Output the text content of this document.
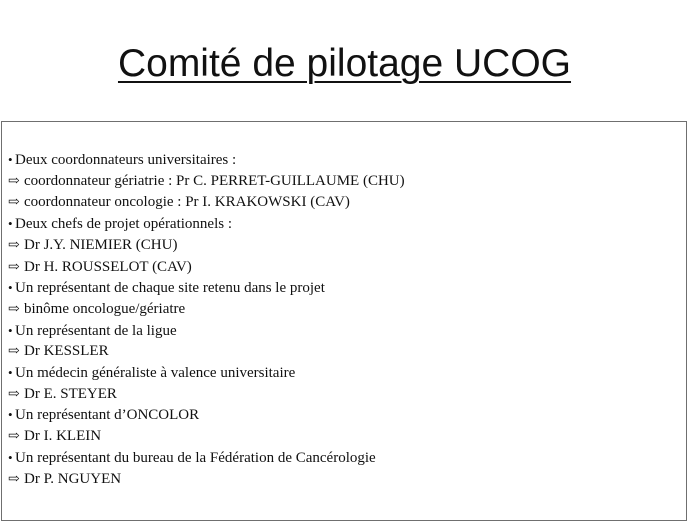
Comité de pilotage UCOG
• Deux coordonnateurs universitaires :
⇨ coordonnateur gériatrie : Pr C. PERRET-GUILLAUME (CHU)
⇨ coordonnateur oncologie : Pr I. KRAKOWSKI (CAV)
• Deux chefs de projet opérationnels :
⇨ Dr J.Y. NIEMIER (CHU)
⇨ Dr H. ROUSSELOT (CAV)
• Un représentant de chaque site retenu dans le projet
⇨ binôme oncologue/gériatre
• Un représentant de la ligue
⇨ Dr KESSLER
• Un médecin généraliste à valence universitaire
⇨ Dr E. STEYER
• Un représentant d’ONCOLOR
⇨ Dr I. KLEIN
• Un représentant du bureau de la Fédération de Cancérologie
⇨ Dr P. NGUYEN
